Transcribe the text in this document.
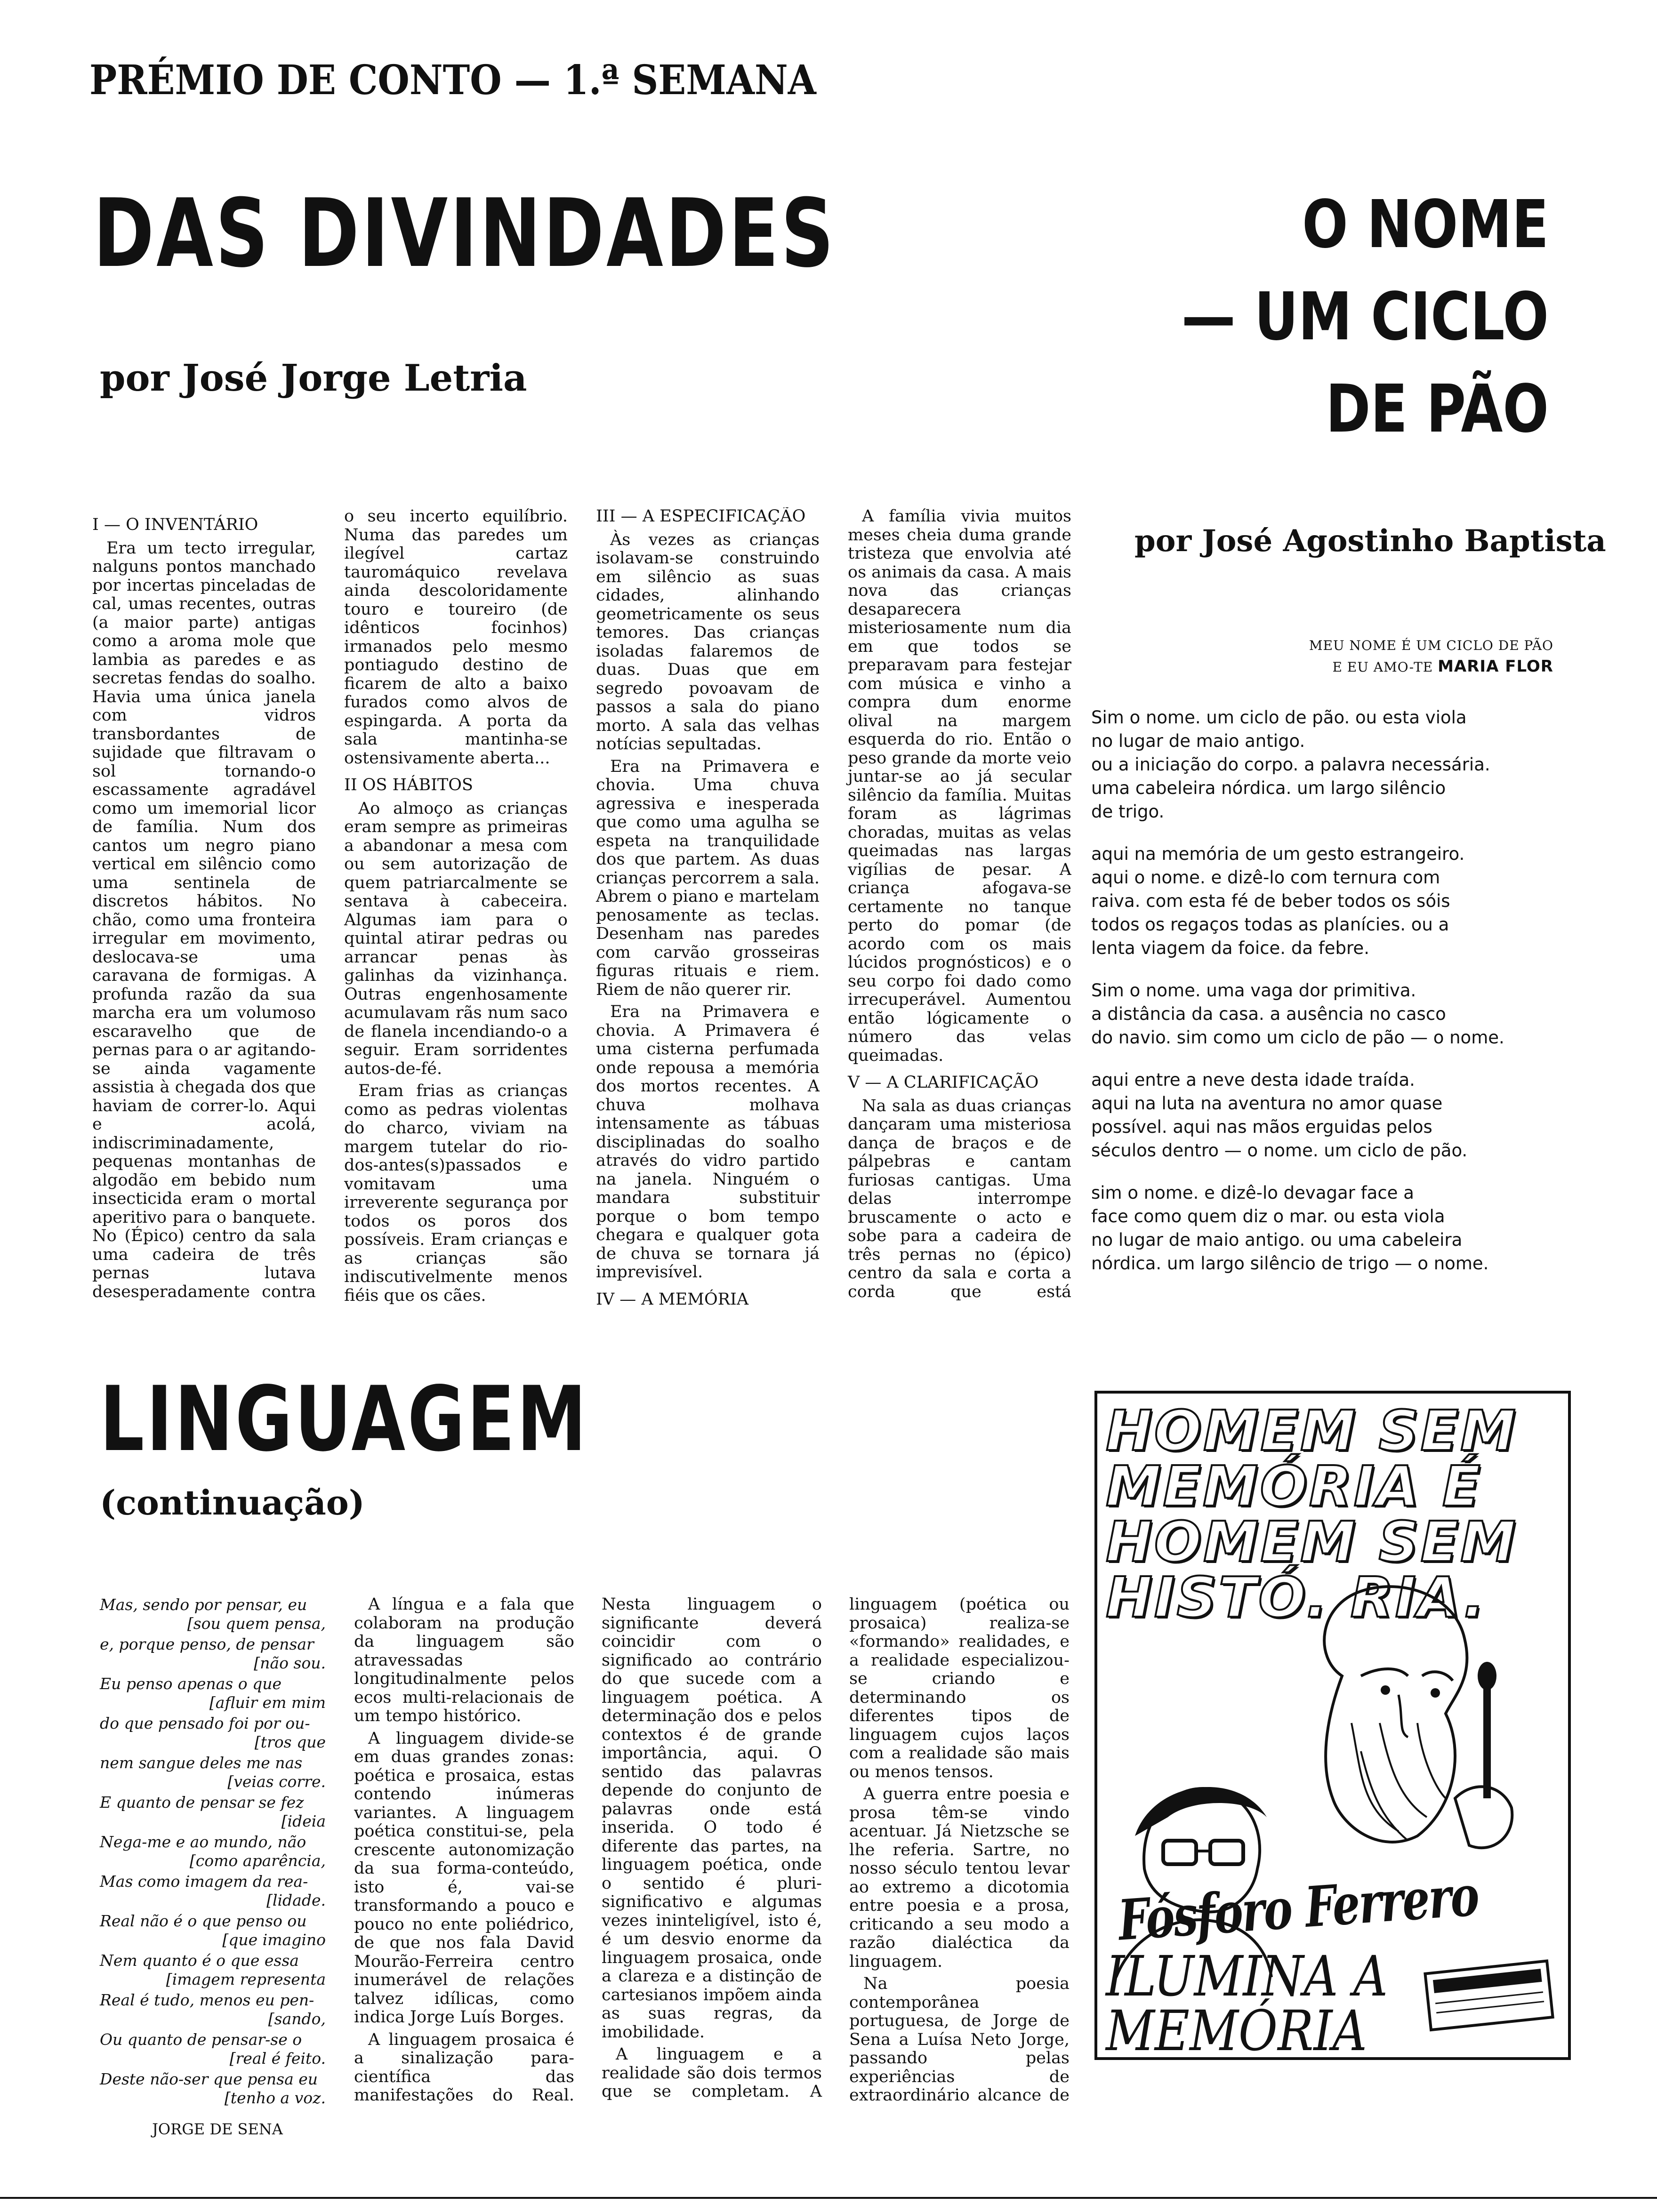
PRÉMIO DE CONTO — 1.ª SEMANA
DAS DIVINDADES
por José Jorge Letria
O NOME
— UM CICLO
DE PÃO
por José Agostinho Baptista

I — O INVENTÁRIO

Era um tecto irregular, nalguns pontos manchado por incertas pinceladas de cal, umas recentes, outras (a maior parte) antigas como a aroma mole que lambia as paredes e as secretas fendas do soalho. Havia uma única janela com vidros transbordantes de sujidade que filtravam o sol tornando-o escassamente agradável como um imemorial licor de família. Num dos cantos um negro piano vertical em silêncio como uma sentinela de discretos hábitos. No chão, como uma fronteira irregular em movimento, deslocava-se uma caravana de formigas. A profunda razão da sua marcha era um volumoso escaravelho que de pernas para o ar agitando-se ainda vagamente assistia à chegada dos que haviam de correr-lo. Aqui e acolá, indiscriminadamente, pequenas montanhas de algodão em bebido num insecticida eram o mortal aperitivo para o banquete. No (Épico) centro da sala uma cadeira de três pernas lutava desesperadamente contra o seu incerto equilíbrio. Numa das paredes um ilegível cartaz tauromáquico revelava ainda descoloridamente touro e toureiro (de idênticos focinhos) irmanados pelo mesmo pontiagudo destino de ficarem de alto a baixo furados como alvos de espingarda. A porta da sala mantinha-se ostensivamente aberta...

II OS HÁBITOS

Ao almoço as crianças eram sempre as primeiras a abandonar a mesa com ou sem autorização de quem patriarcalmente se sentava à cabeceira. Algumas iam para o quintal atirar pedras ou arrancar penas às galinhas da vizinhança. Outras engenhosamente acumulavam rãs num saco de flanela incendiando-o a seguir. Eram sorridentes autos-de-fé.

Eram frias as crianças como as pedras violentas do charco, viviam na margem tutelar do rio-dos-antes(s)passados e vomitavam uma irreverente segurança por todos os poros dos possíveis. Eram crianças e as crianças são indiscutivelmente menos fiéis que os cães.

III — A ESPECIFICAÇÃO

Às vezes as crianças isolavam-se construindo em silêncio as suas cidades, alinhando geometricamente os seus temores. Das crianças isoladas falaremos de duas. Duas que em segredo povoavam de passos a sala do piano morto. A sala das velhas notícias sepultadas.

Era na Primavera e chovia. Uma chuva agressiva e inesperada que como uma agulha se espeta na tranquilidade dos que partem. As duas crianças percorrem a sala. Abrem o piano e martelam penosamente as teclas. Desenham nas paredes com carvão grosseiras figuras rituais e riem. Riem de não querer rir.

Era na Primavera e chovia. A Primavera é uma cisterna perfumada onde repousa a memória dos mortos recentes. A chuva molhava intensamente as tábuas disciplinadas do soalho através do vidro partido na janela. Ninguém o mandara substituir porque o bom tempo chegara e qualquer gota de chuva se tornara já imprevisível.

IV — A MEMÓRIA

A família vivia muitos meses cheia duma grande tristeza que envolvia até os animais da casa. A mais nova das crianças desaparecera misteriosamente num dia em que todos se preparavam para festejar com música e vinho a compra dum enorme olival na margem esquerda do rio. Então o peso grande da morte veio juntar-se ao já secular silêncio da família. Muitas foram as lágrimas choradas, muitas as velas queimadas nas largas vigílias de pesar. A criança afogava-se certamente no tanque perto do pomar (de acordo com os mais lúcidos prognósticos) e o seu corpo foi dado como irrecuperável. Aumentou então lógicamente o número das velas queimadas.

V — A CLARIFICAÇÃO

Na sala as duas crianças dançaram uma misteriosa dança de braços e de pálpebras e cantam furiosas cantigas. Uma delas interrompe bruscamente o acto e sobe para a cadeira de três pernas no (épico) centro da sala e corta a corda que está

MEU NOME É UM CICLO DE PÃO
E EU AMO-TE MARIA FLOR

Sim o nome. um ciclo de pão. ou esta viola
no lugar de maio antigo.
ou a iniciação do corpo. a palavra necessária.
uma cabeleira nórdica. um largo silêncio
de trigo.

aqui na memória de um gesto estrangeiro.
aqui o nome. e dizê-lo com ternura com
raiva. com esta fé de beber todos os sóis
todos os regaços todas as planícies. ou a
lenta viagem da foice. da febre.

Sim o nome. uma vaga dor primitiva.
a distância da casa. a ausência no casco
do navio. sim como um ciclo de pão — o nome.

aqui entre a neve desta idade traída.
aqui na luta na aventura no amor quase
possível. aqui nas mãos erguidas pelos
séculos dentro — o nome. um ciclo de pão.

sim o nome. e dizê-lo devagar face a
face como quem diz o mar. ou esta viola
no lugar de maio antigo. ou uma cabeleira
nórdica. um largo silêncio de trigo — o nome.

LINGUAGEM
(continuação)
Mas, sendo por pensar, eu
[sou quem pensa,
e, porque penso, de pensar
[não sou.
Eu penso apenas o que
[afluir em mim
do que pensado foi por ou-
[tros que
nem sangue deles me nas
[veias corre.
E quanto de pensar se fez
[ideia
Nega-me e ao mundo, não
[como aparência,
Mas como imagem da rea-
[lidade.
Real não é o que penso ou
[que imagino
Nem quanto é o que essa
[imagem representa
Real é tudo, menos eu pen-
[sando,
Ou quanto de pensar-se o
[real é feito.
Deste não-ser que pensa eu
[tenho a voz.
JORGE DE SENA

A língua e a fala que colaboram na produção da linguagem são atravessadas longitudinalmente pelos ecos multi-relacionais de um tempo histórico.

A linguagem divide-se em duas grandes zonas: poética e prosaica, estas contendo inúmeras variantes. A linguagem poética constitui-se, pela crescente autonomização da sua forma-conteúdo, isto é, vai-se transformando a pouco e pouco no ente poliédrico, de que nos fala David Mourão-Ferreira centro inumerável de relações talvez idílicas, como indica Jorge Luís Borges.

A linguagem prosaica é a sinalização para-científica das manifestações do Real. Nesta linguagem o significante deverá coincidir com o significado ao contrário do que sucede com a linguagem poética. A determinação dos e pelos contextos é de grande importância, aqui. O sentido das palavras depende do conjunto de palavras onde está inserida. O todo é diferente das partes, na linguagem poética, onde o sentido é pluri-significativo e algumas vezes ininteligível, isto é, é um desvio enorme da linguagem prosaica, onde a clareza e a distinção de cartesianos impõem ainda as suas regras, da imobilidade.

A linguagem e a realidade são dois termos que se completam. A linguagem (poética ou prosaica) realiza-se «formando» realidades, e a realidade especializou-se criando e determinando os diferentes tipos de linguagem cujos laços com a realidade são mais ou menos tensos.

A guerra entre poesia e prosa têm-se vindo acentuar. Já Nietzsche se lhe referia. Sartre, no nosso século tentou levar ao extremo a dicotomia entre poesia e a prosa, criticando a seu modo a razão dialéctica da linguagem.

Na poesia contemporânea portuguesa, de Jorge de Sena a Luísa Neto Jorge, passando pelas experiências de extraordinário alcance de

HOMEM SEM MEMÓRIA É HOMEM SEM HISTÓ. RIA.
Fósforo Ferrero
ILUMINA A MEMÓRIA
